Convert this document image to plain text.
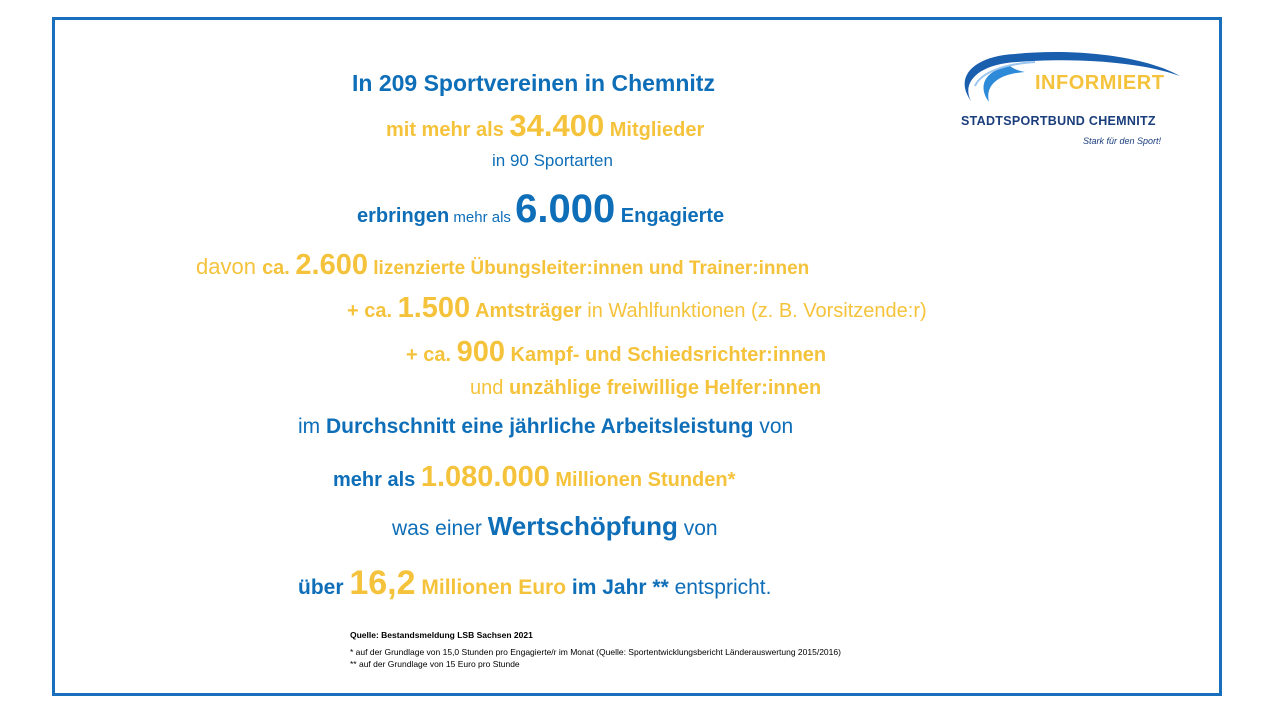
INFORMIERT
STADTSPORTBUND CHEMNITZ
Stark für den Sport!
In 209 Sportvereinen in Chemnitz
mit mehr als 34.400 Mitglieder
in 90 Sportarten
erbringen mehr als 6.000 Engagierte
davon ca. 2.600 lizenzierte Übungsleiter:innen und Trainer:innen
+ ca. 1.500 Amtsträger in Wahlfunktionen (z. B. Vorsitzende:r)
+ ca. 900 Kampf- und Schiedsrichter:innen
und unzählige freiwillige Helfer:innen
im Durchschnitt eine jährliche Arbeitsleistung von
mehr als 1.080.000 Millionen Stunden*
was einer Wertschöpfung von
über 16,2 Millionen Euro im Jahr ** entspricht.
Quelle: Bestandsmeldung LSB Sachsen 2021
* auf der Grundlage von 15,0 Stunden pro Engagierte/r im Monat (Quelle: Sportentwicklungsbericht Länderauswertung 2015/2016)
** auf der Grundlage von 15 Euro pro Stunde
